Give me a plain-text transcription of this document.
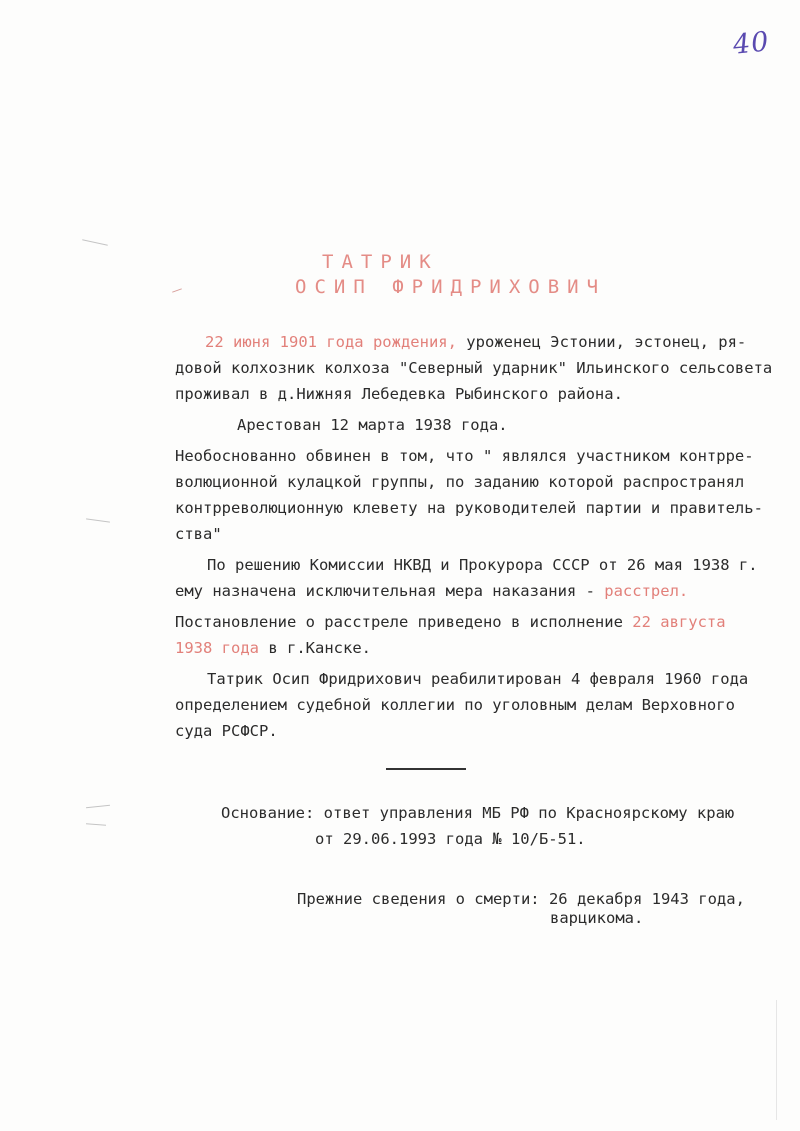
40
ТАТРИК
ОСИП ФРИДРИХОВИЧ
22 июня 1901 года рождения, уроженец Эстонии, эстонец, ря-
довой колхозник колхоза "Северный ударник" Ильинского сельсовета
проживал в д.Нижняя Лебедевка Рыбинского района.
Арестован 12 марта 1938 года.
Необоснованно обвинен в том, что " являлся участником контрре-
волюционной кулацкой группы, по заданию которой распространял
контрреволюционную клевету на руководителей партии и правитель-
ства"
По решению Комиссии НКВД и Прокурора СССР от 26 мая 1938 г.
ему назначена исключительная мера наказания - расстрел.
Постановление о расстреле приведено в исполнение 22 августа
1938 года в г.Канске.
Татрик Осип Фридрихович реабилитирован 4 февраля 1960 года
определением судебной коллегии по уголовным делам Верховного
суда РСФСР.
Основание: ответ управления МБ РФ по Красноярскому краю
от 29.06.1993 года № 10/Б-51.
Прежние сведения о смерти: 26 декабря 1943 года,
варцикома.
